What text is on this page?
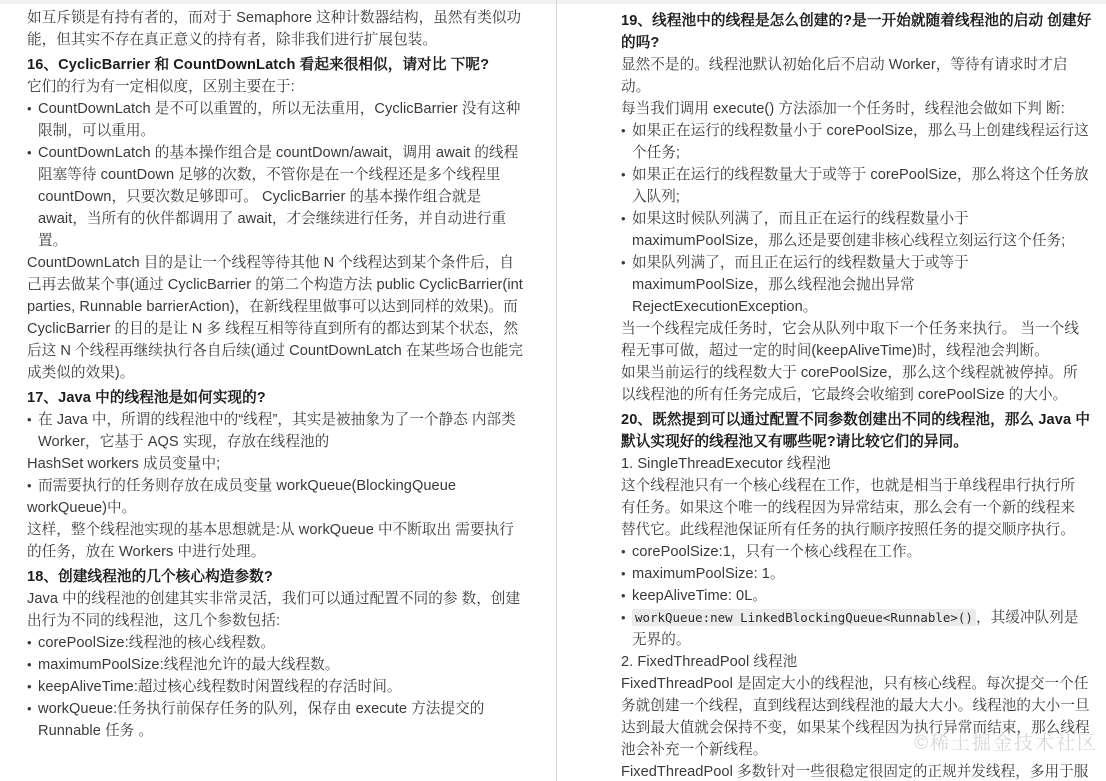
如互斥锁是有持有者的，而对于 Semaphore 这种计数器结构，虽然有类似功能，但其实不存在真正意义的持有者，除非我们进行扩展包装。
16、CyclicBarrier 和 CountDownLatch 看起来很相似，请对比 下呢?
它们的行为有一定相似度，区别主要在于:
• CountDownLatch 是不可以重置的，所以无法重用，CyclicBarrier 没有这种限制，可以重用。
• CountDownLatch 的基本操作组合是 countDown/await，调用 await 的线程阻塞等待 countDown 足够的次数，不管你是在一个线程还是多个线程里 countDown，只要次数足够即可。 CyclicBarrier 的基本操作组合就是 await，当所有的伙伴都调用了 await，才会继续进行任务，并自动进行重置。
CountDownLatch 目的是让一个线程等待其他 N 个线程达到某个条件后，自己再去做某个事(通过 CyclicBarrier 的第二个构造方法 public CyclicBarrier(int parties, Runnable barrierAction)，在新线程里做事可以达到同样的效果)。而 CyclicBarrier 的目的是让 N 多 线程互相等待直到所有的都达到某个状态，然后这 N 个线程再继续执行各自后续(通过 CountDownLatch 在某些场合也能完成类似的效果)。
17、Java 中的线程池是如何实现的?
• 在 Java 中，所谓的线程池中的“线程”，其实是被抽象为了一个静态 内部类 Worker，它基于 AQS 实现，存放在线程池的
HashSet workers 成员变量中;
• 而需要执行的任务则存放在成员变量 workQueue(BlockingQueue
workQueue)中。
这样，整个线程池实现的基本思想就是:从 workQueue 中不断取出 需要执行的任务，放在 Workers 中进行处理。
18、创建线程池的几个核心构造参数?
Java 中的线程池的创建其实非常灵活，我们可以通过配置不同的参 数，创建出行为不同的线程池，这几个参数包括:
• corePoolSize:线程池的核心线程数。
• maximumPoolSize:线程池允许的最大线程数。
• keepAliveTime:超过核心线程数时闲置线程的存活时间。
• workQueue:任务执行前保存任务的队列，保存由 execute 方法提交的 Runnable 任务 。
19、线程池中的线程是怎么创建的?是一开始就随着线程池的启动 创建好的吗?
显然不是的。线程池默认初始化后不启动 Worker，等待有请求时才启动。
每当我们调用 execute() 方法添加一个任务时，线程池会做如下判 断:
• 如果正在运行的线程数量小于 corePoolSize，那么马上创建线程运行这个任务;
• 如果正在运行的线程数量大于或等于 corePoolSize，那么将这个任务放入队列;
• 如果这时候队列满了，而且正在运行的线程数量小于 maximumPoolSize，那么还是要创建非核心线程立刻运行这个任务;
• 如果队列满了，而且正在运行的线程数量大于或等于 maximumPoolSize，那么线程池会抛出异常 RejectExecutionException。
当一个线程完成任务时，它会从队列中取下一个任务来执行。 当一个线程无事可做，超过一定的时间(keepAliveTime)时，线程池会判断。
如果当前运行的线程数大于 corePoolSize，那么这个线程就被停掉。所以线程池的所有任务完成后，它最终会收缩到 corePoolSize 的大小。
20、既然提到可以通过配置不同参数创建出不同的线程池，那么 Java 中默认实现好的线程池又有哪些呢?请比较它们的异同。
1. SingleThreadExecutor 线程池
这个线程池只有一个核心线程在工作，也就是相当于单线程串行执行所 有任务。如果这个唯一的线程因为异常结束，那么会有一个新的线程来 替代它。此线程池保证所有任务的执行顺序按照任务的提交顺序执行。
• corePoolSize:1，只有一个核心线程在工作。
• maximumPoolSize: 1。
• keepAliveTime: 0L。
• workQueue:new LinkedBlockingQueue<Runnable>() ，其缓冲队列是无界的。
2. FixedThreadPool 线程池
FixedThreadPool 是固定大小的线程池，只有核心线程。每次提交一个任务就创建一个线程，直到线程达到线程池的最大大小。线程池的大小一旦达到最大值就会保持不变，如果某个线程因为执行异常而结束，那么线程池会补充一个新线程。
FixedThreadPool 多数针对一些很稳定很固定的正规并发线程，多用于服
©稀土掘金技术社区
